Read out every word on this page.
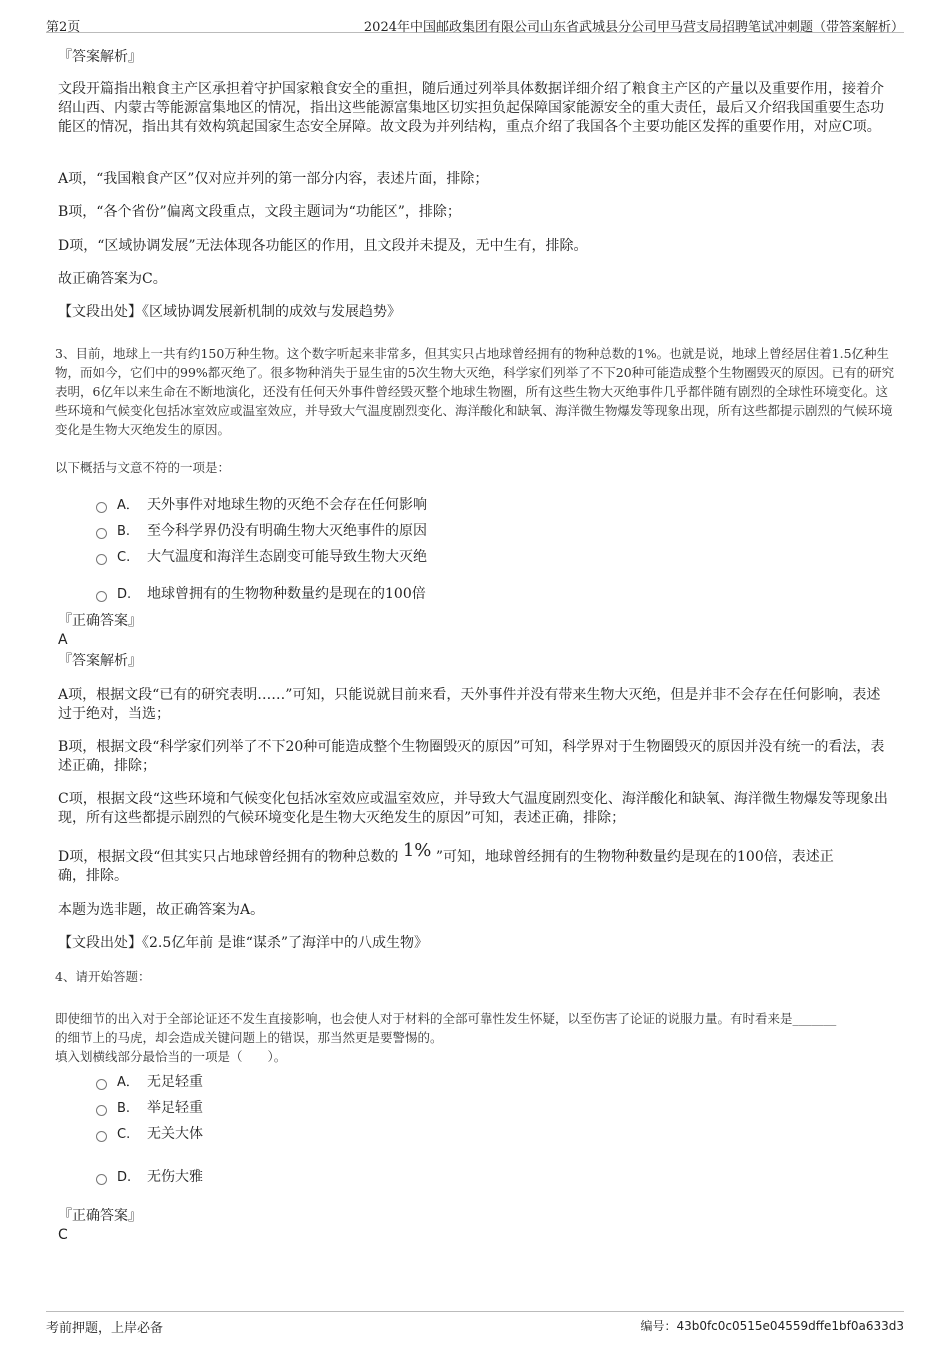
第2页	2024年中国邮政集团有限公司山东省武城县分公司甲马营支局招聘笔试冲刺题（带答案解析）
『答案解析』
文段开篇指出粮食主产区承担着守护国家粮食安全的重担，随后通过列举具体数据详细介绍了粮食主产区的产量以及重要作用，接着介绍山西、内蒙古等能源富集地区的情况，指出这些能源富集地区切实担负起保障国家能源安全的重大责任，最后又介绍我国重要生态功能区的情况，指出其有效构筑起国家生态安全屏障。故文段为并列结构，重点介绍了我国各个主要功能区发挥的重要作用，对应C项。
A项，“我国粮食产区”仅对应并列的第一部分内容，表述片面，排除；
B项，“各个省份”偏离文段重点，文段主题词为“功能区”，排除；
D项，“区域协调发展”无法体现各功能区的作用，且文段并未提及，无中生有，排除。
故正确答案为C。
【文段出处】《区域协调发展新机制的成效与发展趋势》
3、目前，地球上一共有约150万种生物。这个数字听起来非常多，但其实只占地球曾经拥有的物种总数的1%。也就是说，地球上曾经居住着1.5亿种生物，而如今，它们中的99%都灭绝了。很多物种消失于显生宙的5次生物大灭绝，科学家们列举了不下20种可能造成整个生物圈毁灭的原因。已有的研究表明，6亿年以来生命在不断地演化，还没有任何天外事件曾经毁灭整个地球生物圈，所有这些生物大灭绝事件几乎都伴随有剧烈的全球性环境变化。这些环境和气候变化包括冰室效应或温室效应，并导致大气温度剧烈变化、海洋酸化和缺氧、海洋微生物爆发等现象出现，所有这些都提示剧烈的气候环境变化是生物大灭绝发生的原因。
以下概括与文意不符的一项是：
A． 天外事件对地球生物的灭绝不会存在任何影响
B. 至今科学界仍没有明确生物大灭绝事件的原因
C. 大气温度和海洋生态剧变可能导致生物大灭绝
D. 地球曾拥有的生物物种数量约是现在的100倍
『正确答案』
A
『答案解析』
A项，根据文段“已有的研究表明……”可知，只能说就目前来看，天外事件并没有带来生物大灭绝，但是并非不会存在任何影响，表述过于绝对，当选；
B项，根据文段“科学家们列举了不下20种可能造成整个生物圈毁灭的原因”可知，科学界对于生物圈毁灭的原因并没有统一的看法，表述正确，排除；
C项，根据文段“这些环境和气候变化包括冰室效应或温室效应，并导致大气温度剧烈变化、海洋酸化和缺氧、海洋微生物爆发等现象出现，所有这些都提示剧烈的气候环境变化是生物大灭绝发生的原因”可知，表述正确，排除；
D项，根据文段“但其实只占地球曾经拥有的物种总数的 1% ”可知，地球曾经拥有的生物物种数量约是现在的100倍，表述正
确，排除。
本题为选非题，故正确答案为A。
【文段出处】《2.5亿年前 是谁“谋杀”了海洋中的八成生物》
4、请开始答题：
即使细节的出入对于全部论证还不发生直接影响，也会使人对于材料的全部可靠性发生怀疑，以至伤害了论证的说服力量。有时看来是_______
的细节上的马虎，却会造成关键问题上的错误，那当然更是要警惕的。
填入划横线部分最恰当的一项是（　　）。
A． 无足轻重
B. 举足轻重
C. 无关大体
D. 无伤大雅
『正确答案』
C
考前押题，上岸必备	编号：43b0fc0c0515e04559dffe1bf0a633d3
